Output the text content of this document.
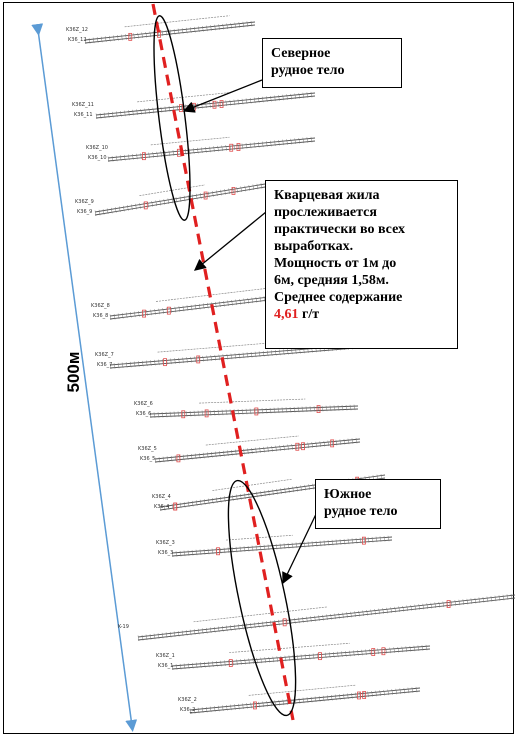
K36Z_12
K36_12
K36Z_11
K36_11
K36Z_10
K36_10
K36Z_9
K36_9
K36Z_8
K36_8
K36Z_7
K36_7
K36Z_6
K36_6
K36Z_5
K36_5
K36Z_4
K36_4
K36Z_3
K36_3
K-19
K36Z_1
K36_1
K36Z_2
K36_2
500м
Северное
рудное тело
Кварцевая жила
прослеживается
практически во всех
выработках.
Мощность от 1м до
6м, средняя 1,58м.
Среднее содержание
4,61 г/т
Южное
рудное тело
